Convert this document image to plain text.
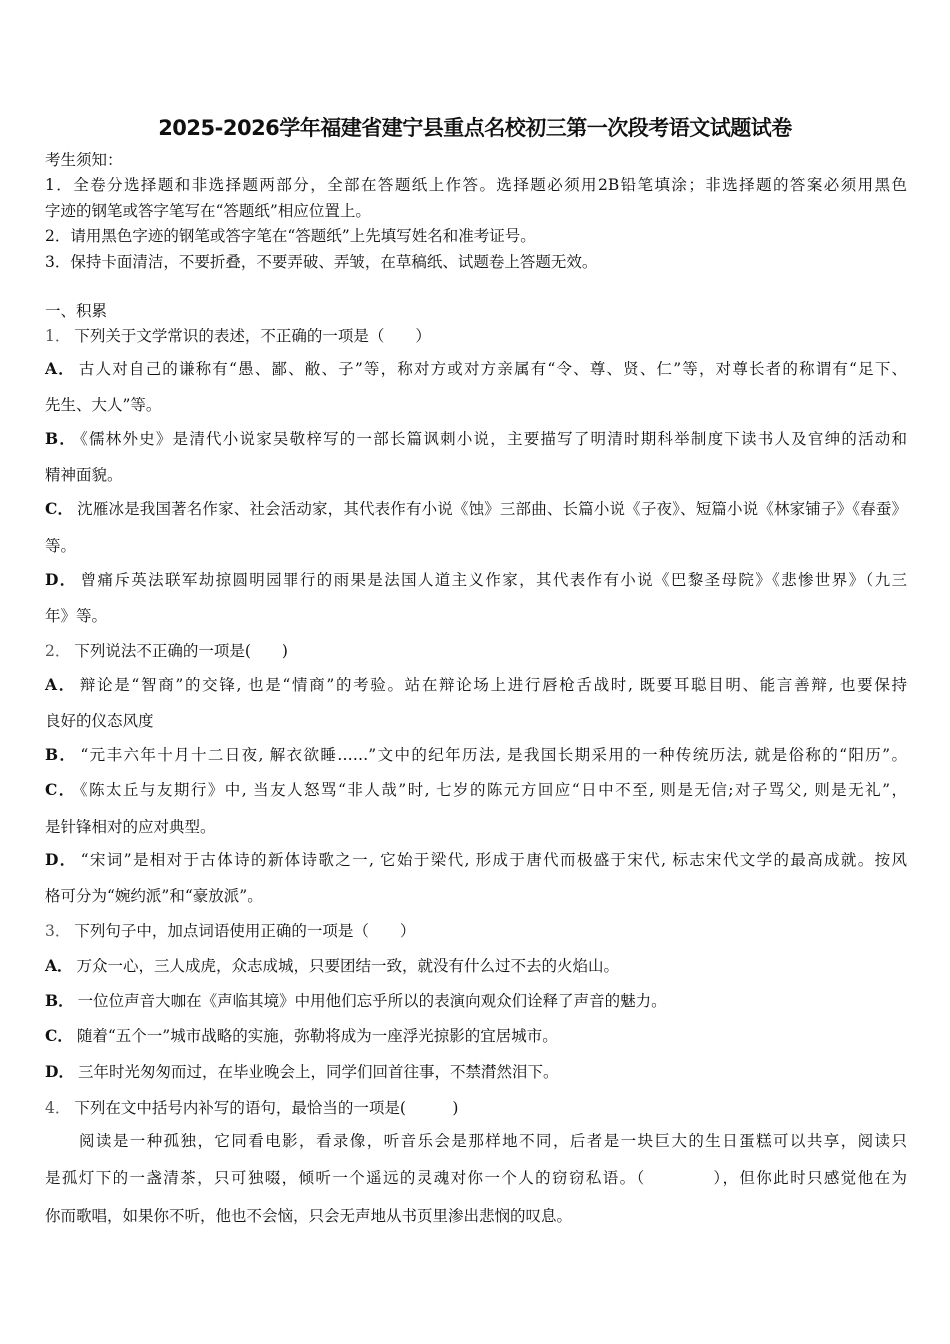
2025-2026学年福建省建宁县重点名校初三第一次段考语文试题试卷
考生须知：
1．全卷分选择题和非选择题两部分，全部在答题纸上作答。选择题必须用2B铅笔填涂；非选择题的答案必须用黑色
字迹的钢笔或答字笔写在“答题纸”相应位置上。
2．请用黑色字迹的钢笔或答字笔在“答题纸”上先填写姓名和准考证号。
3．保持卡面清洁，不要折叠，不要弄破、弄皱，在草稿纸、试题卷上答题无效。
一、积累
1． 下列关于文学常识的表述，不正确的一项是（　　）
A． 古人对自己的谦称有“愚、鄙、敝、子”等，称对方或对方亲属有“令、尊、贤、仁”等，对尊长者的称谓有“足下、
先生、大人”等。
B． 《儒林外史》是清代小说家吴敬梓写的一部长篇讽刺小说，主要描写了明清时期科举制度下读书人及官绅的活动和
精神面貌。
C． 沈雁冰是我国著名作家、社会活动家，其代表作有小说《蚀》三部曲、长篇小说《子夜》、短篇小说《林家铺子》《春蚕》
等。
D． 曾痛斥英法联军劫掠圆明园罪行的雨果是法国人道主义作家，其代表作有小说《巴黎圣母院》《悲惨世界》（九三
年》等。
2． 下列说法不正确的一项是(　　)
A． 辩论是“智商”的交锋, 也是“情商”的考验。站在辩论场上进行唇枪舌战时, 既要耳聪目明、能言善辩, 也要保持
良好的仪态风度
B． “元丰六年十月十二日夜, 解衣欲睡……”文中的纪年历法, 是我国长期采用的一种传统历法, 就是俗称的“阳历”。
C． 《陈太丘与友期行》中, 当友人怒骂“非人哉”时, 七岁的陈元方回应“日中不至, 则是无信;对子骂父, 则是无礼”，
是针锋相对的应对典型。
D． “宋词”是相对于古体诗的新体诗歌之一, 它始于梁代, 形成于唐代而极盛于宋代, 标志宋代文学的最高成就。按风
格可分为“婉约派”和“豪放派”。
3． 下列句子中，加点词语使用正确的一项是（　　）
A． 万众一心，三人成虎，众志成城，只要团结一致，就没有什么过不去的火焰山。
B． 一位位声音大咖在《声临其境》中用他们忘乎所以的表演向观众们诠释了声音的魅力。
C． 随着“五个一”城市战略的实施，弥勒将成为一座浮光掠影的宜居城市。
D． 三年时光匆匆而过，在毕业晚会上，同学们回首往事，不禁潸然泪下。
4． 下列在文中括号内补写的语句，最恰当的一项是(　　　)
阅读是一种孤独，它同看电影，看录像，听音乐会是那样地不同，后者是一块巨大的生日蛋糕可以共享，阅读只
是孤灯下的一盏清茶，只可独啜，倾听一个遥远的灵魂对你一个人的窃窃私语。（　　　　），但你此时只感觉他在为
你而歌唱，如果你不听，他也不会恼，只会无声地从书页里渗出悲悯的叹息。
